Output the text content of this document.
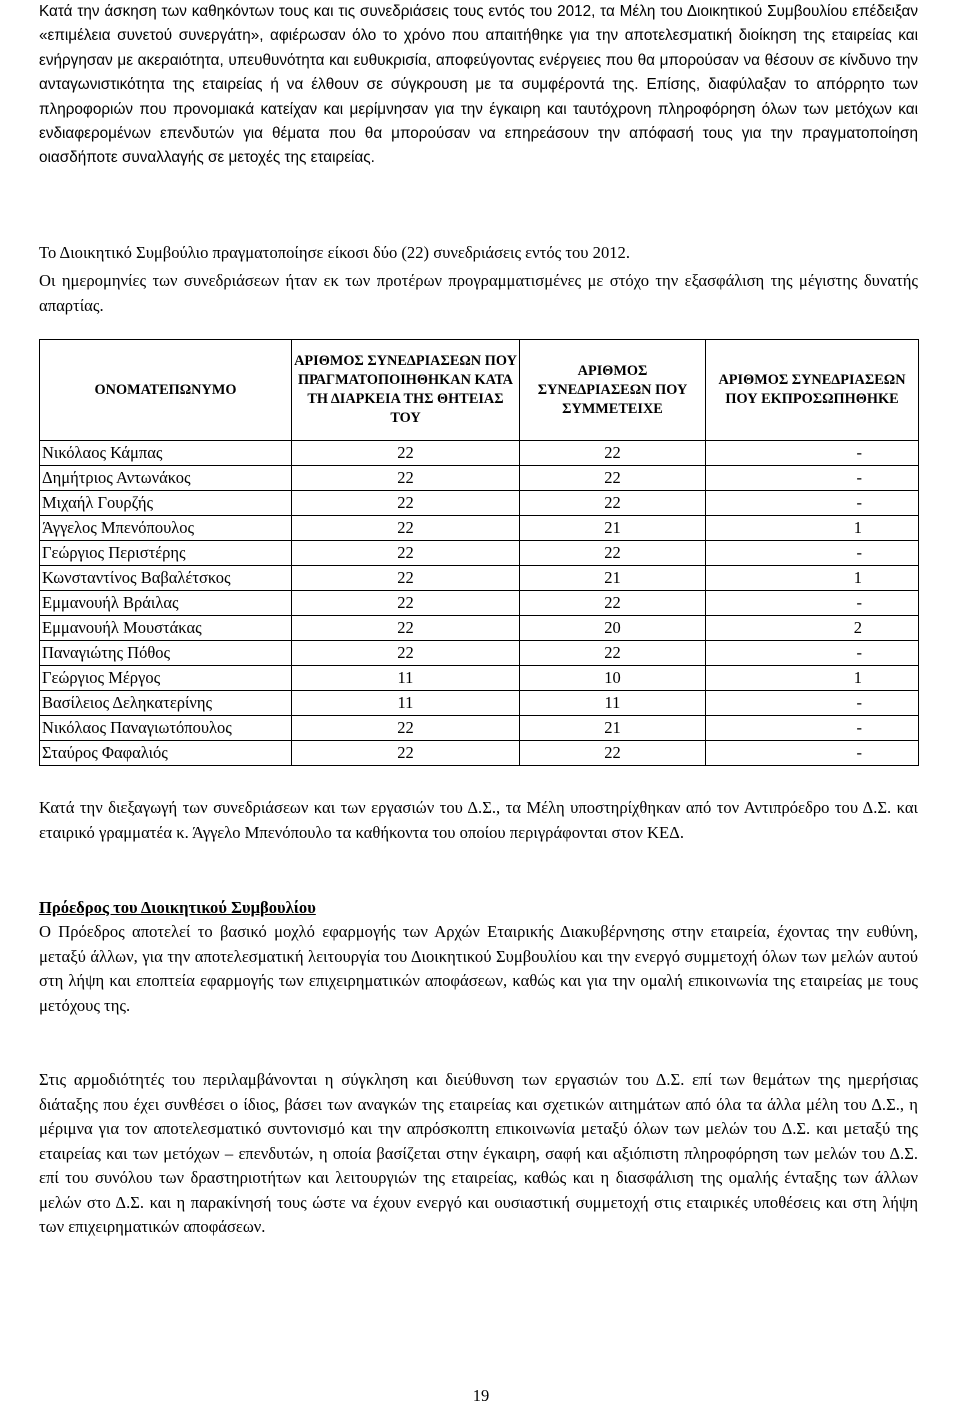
Κατά την άσκηση των καθηκόντων τους και τις συνεδριάσεις τους εντός του 2012, τα Μέλη του Διοικητικού Συμβουλίου επέδειξαν «επιμέλεια συνετού συνεργάτη», αφιέρωσαν όλο το χρόνο που απαιτήθηκε για την αποτελεσματική διοίκηση της εταιρείας και ενήργησαν με ακεραιότητα, υπευθυνότητα και ευθυκρισία, αποφεύγοντας ενέργειες που θα μπορούσαν να θέσουν σε κίνδυνο την ανταγωνιστικότητα της εταιρείας ή να έλθουν σε σύγκρουση με τα συμφέροντά της. Επίσης, διαφύλαξαν το απόρρητο των πληροφοριών που προνομιακά κατείχαν και μερίμνησαν για την έγκαιρη και ταυτόχρονη πληροφόρηση όλων των μετόχων και ενδιαφερομένων επενδυτών για θέματα που θα μπορούσαν να επηρεάσουν την απόφασή τους για την πραγματοποίηση οιασδήποτε συναλλαγής σε μετοχές της εταιρείας.

Το Διοικητικό Συμβούλιο πραγματοποίησε είκοσι δύο (22) συνεδριάσεις εντός του 2012.

Οι ημερομηνίες των συνεδριάσεων ήταν εκ των προτέρων προγραμματισμένες με στόχο την εξασφάλιση της μέγιστης δυνατής απαρτίας.

ΟΝΟΜΑΤΕΠΩΝΥΜΟ	ΑΡΙΘΜΟΣ ΣΥΝΕΔΡΙΑΣΕΩΝ ΠΟΥ ΠΡΑΓΜΑΤΟΠΟΙΗΘΗΚΑΝ ΚΑΤΑ ΤΗ ΔΙΑΡΚΕΙΑ ΤΗΣ ΘΗΤΕΙΑΣ ΤΟΥ	ΑΡΙΘΜΟΣ ΣΥΝΕΔΡΙΑΣΕΩΝ ΠΟΥ ΣΥΜΜΕΤΕΙΧΕ	ΑΡΙΘΜΟΣ ΣΥΝΕΔΡΙΑΣΕΩΝ ΠΟΥ ΕΚΠΡΟΣΩΠΗΘΗΚΕ
Νικόλαος Κάμπας	22	22	-
Δημήτριος Αντωνάκος	22	22	-
Μιχαήλ Γουρζής	22	22	-
Άγγελος Μπενόπουλος	22	21	1
Γεώργιος Περιστέρης	22	22	-
Κωνσταντίνος Βαβαλέτσκος	22	21	1
Εμμανουήλ Βράιλας	22	22	-
Εμμανουήλ Μουστάκας	22	20	2
Παναγιώτης Πόθος	22	22	-
Γεώργιος Μέργος	11	10	1
Βασίλειος Δεληκατερίνης	11	11	-
Νικόλαος Παναγιωτόπουλος	22	21	-
Σταύρος Φαφαλιός	22	22	-

Κατά την διεξαγωγή των συνεδριάσεων και των εργασιών του Δ.Σ., τα Μέλη υποστηρίχθηκαν από τον Αντιπρόεδρο του Δ.Σ. και εταιρικό γραμματέα κ. Άγγελο Μπενόπουλο τα καθήκοντα του οποίου περιγράφονται στον ΚΕΔ.

Πρόεδρος του Διοικητικού Συμβουλίου

Ο Πρόεδρος αποτελεί το βασικό μοχλό εφαρμογής των Αρχών Εταιρικής Διακυβέρνησης στην εταιρεία, έχοντας την ευθύνη, μεταξύ άλλων, για την αποτελεσματική λειτουργία του Διοικητικού Συμβουλίου και την ενεργό συμμετοχή όλων των μελών αυτού στη λήψη και εποπτεία εφαρμογής των επιχειρηματικών αποφάσεων, καθώς και για την ομαλή επικοινωνία της εταιρείας με τους μετόχους της.

Στις αρμοδιότητές του περιλαμβάνονται η σύγκληση και διεύθυνση των εργασιών του Δ.Σ. επί των θεμάτων της ημερήσιας διάταξης που έχει συνθέσει ο ίδιος, βάσει των αναγκών της εταιρείας και σχετικών αιτημάτων από όλα τα άλλα μέλη του Δ.Σ., η μέριμνα για τον αποτελεσματικό συντονισμό και την απρόσκοπτη επικοινωνία μεταξύ όλων των μελών του Δ.Σ. και μεταξύ της εταιρείας και των μετόχων – επενδυτών, η οποία βασίζεται στην έγκαιρη, σαφή και αξιόπιστη πληροφόρηση των μελών του Δ.Σ. επί του συνόλου των δραστηριοτήτων και λειτουργιών της εταιρείας, καθώς και η διασφάλιση της ομαλής ένταξης των άλλων μελών στο Δ.Σ. και η παρακίνησή τους ώστε να έχουν ενεργό και ουσιαστική συμμετοχή στις εταιρικές υποθέσεις και στη λήψη των επιχειρηματικών αποφάσεων.

19
